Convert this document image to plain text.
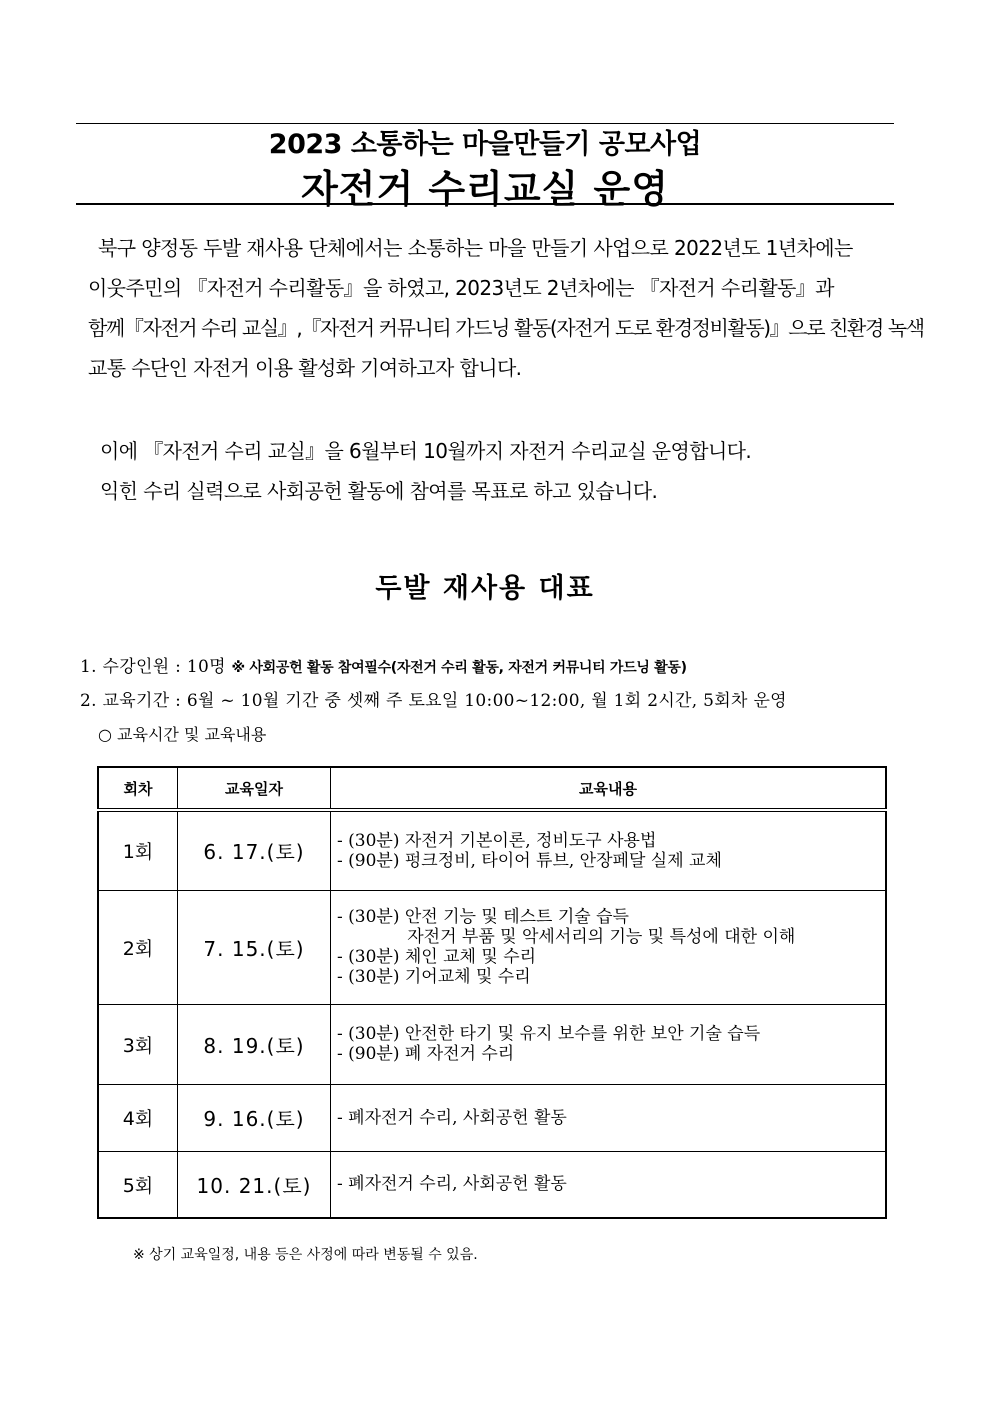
2023 소통하는 마을만들기 공모사업
자전거 수리교실 운영
북구 양정동 두발 재사용 단체에서는 소통하는 마을 만들기 사업으로 2022년도 1년차에는
이웃주민의 『자전거 수리활동』을 하였고, 2023년도 2년차에는 『자전거 수리활동』과
함께『자전거 수리 교실』,『자전거 커뮤니티 가드닝 활동(자전거 도로 환경정비활동)』으로 친환경 녹색
교통 수단인 자전거 이용 활성화 기여하고자 합니다.
이에 『자전거 수리 교실』을 6월부터 10월까지 자전거 수리교실 운영합니다.
익힌 수리 실력으로 사회공헌 활동에 참여를 목표로 하고 있습니다.
두발 재사용 대표
1. 수강인원 : 10명 ※ 사회공헌 활동 참여필수(자전거 수리 활동, 자전거 커뮤니티 가드닝 활동)
2. 교육기간 : 6월 ~ 10월 기간 중 셋째 주 토요일 10:00~12:00, 월 1회 2시간, 5회차 운영
○ 교육시간 및 교육내용
회차	교육일자	교육내용
1회	6. 17.(토)	- (30분) 자전거 기본이론, 정비도구 사용법
- (90분) 펑크정비, 타이어 튜브, 안장페달 실제 교체

2회	7. 15.(토)	- (30분) 안전 기능 및 테스트 기술 습득
자전거 부품 및 악세서리의 기능 및 특성에 대한 이해
- (30분) 체인 교체 및 수리
- (30분) 기어교체 및 수리

3회	8. 19.(토)	- (30분) 안전한 타기 및 유지 보수를 위한 보안 기술 습득
- (90분) 폐 자전거 수리

4회	9. 16.(토)	- 폐자전거 수리, 사회공헌 활동

5회	10. 21.(토)	- 폐자전거 수리, 사회공헌 활동
※ 상기 교육일정, 내용 등은 사정에 따라 변동될 수 있음.
